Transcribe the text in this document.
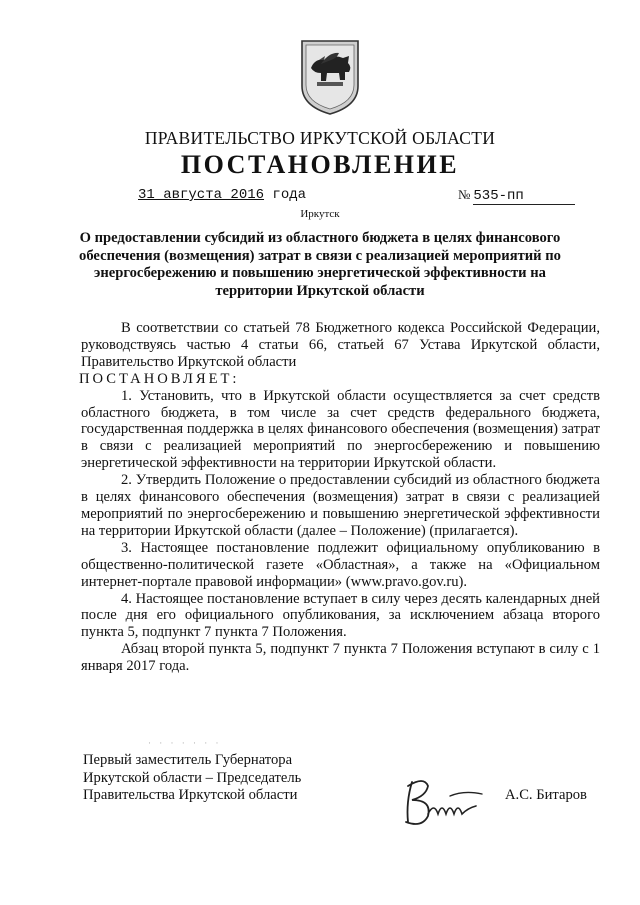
ПРАВИТЕЛЬСТВО ИРКУТСКОЙ ОБЛАСТИ
ПОСТАНОВЛЕНИЕ
31 августа 2016 года	№ 535-пп
Иркутск
О предоставлении субсидий из областного бюджета в целях финансового обеспечения (возмещения) затрат в связи с реализацией мероприятий по энергосбережению и повышению энергетической эффективности на территории Иркутской области

В соответствии со статьей 78 Бюджетного кодекса Российской Федерации, руководствуясь частью 4 статьи 66, статьей 67 Устава Иркутской области, Правительство Иркутской области

ПОСТАНОВЛЯЕТ:

1. Установить, что в Иркутской области осуществляется за счет средств областного бюджета, в том числе за счет средств федерального бюджета, государственная поддержка в целях финансового обеспечения (возмещения) затрат в связи с реализацией мероприятий по энергосбережению и повышению энергетической эффективности на территории Иркутской области.

2. Утвердить Положение о предоставлении субсидий из областного бюджета в целях финансового обеспечения (возмещения) затрат в связи с реализацией мероприятий по энергосбережению и повышению энергетической эффективности на территории Иркутской области (далее – Положение) (прилагается).

3. Настоящее постановление подлежит официальному опубликованию в общественно-политической газете «Областная», а также на «Официальном интернет-портале правовой информации» (www.pravo.gov.ru).

4. Настоящее постановление вступает в силу через десять календарных дней после дня его официального опубликования, за исключением абзаца второго пункта 5, подпункт 7 пункта 7 Положения.

Абзац второй пункта 5, подпункт 7 пункта 7 Положения вступают в силу с 1 января 2017 года.

· · · · · · ·
Первый заместитель Губернатора
Иркутской области – Председатель
Правительства Иркутской области	А.С. Битаров
